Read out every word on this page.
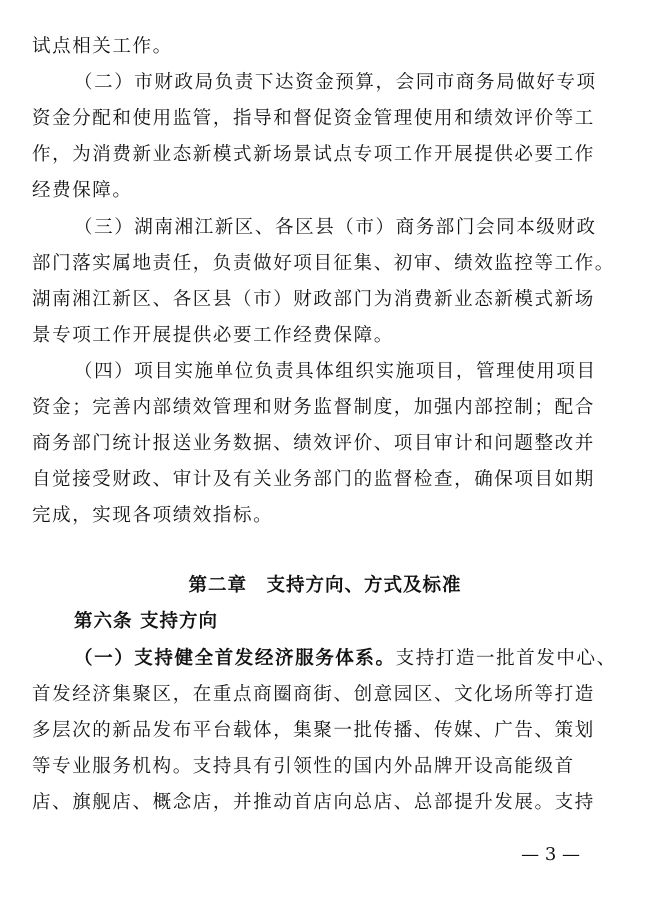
试点相关工作。
（二）市财政局负责下达资金预算，会同市商务局做好专项
资金分配和使用监管，指导和督促资金管理使用和绩效评价等工
作，为消费新业态新模式新场景试点专项工作开展提供必要工作
经费保障。
（三）湖南湘江新区、各区县（市）商务部门会同本级财政
部门落实属地责任，负责做好项目征集、初审、绩效监控等工作。
湖南湘江新区、各区县（市）财政部门为消费新业态新模式新场
景专项工作开展提供必要工作经费保障。
（四）项目实施单位负责具体组织实施项目，管理使用项目
资金；完善内部绩效管理和财务监督制度，加强内部控制；配合
商务部门统计报送业务数据、绩效评价、项目审计和问题整改并
自觉接受财政、审计及有关业务部门的监督检查，确保项目如期
完成，实现各项绩效指标。
第二章　支持方向、方式及标准
第六条 支持方向
（一）支持健全首发经济服务体系。支持打造一批首发中心、
首发经济集聚区，在重点商圈商街、创意园区、文化场所等打造
多层次的新品发布平台载体，集聚一批传播、传媒、广告、策划
等专业服务机构。支持具有引领性的国内外品牌开设高能级首
店、旗舰店、概念店，并推动首店向总店、总部提升发展。支持
— 3 —
